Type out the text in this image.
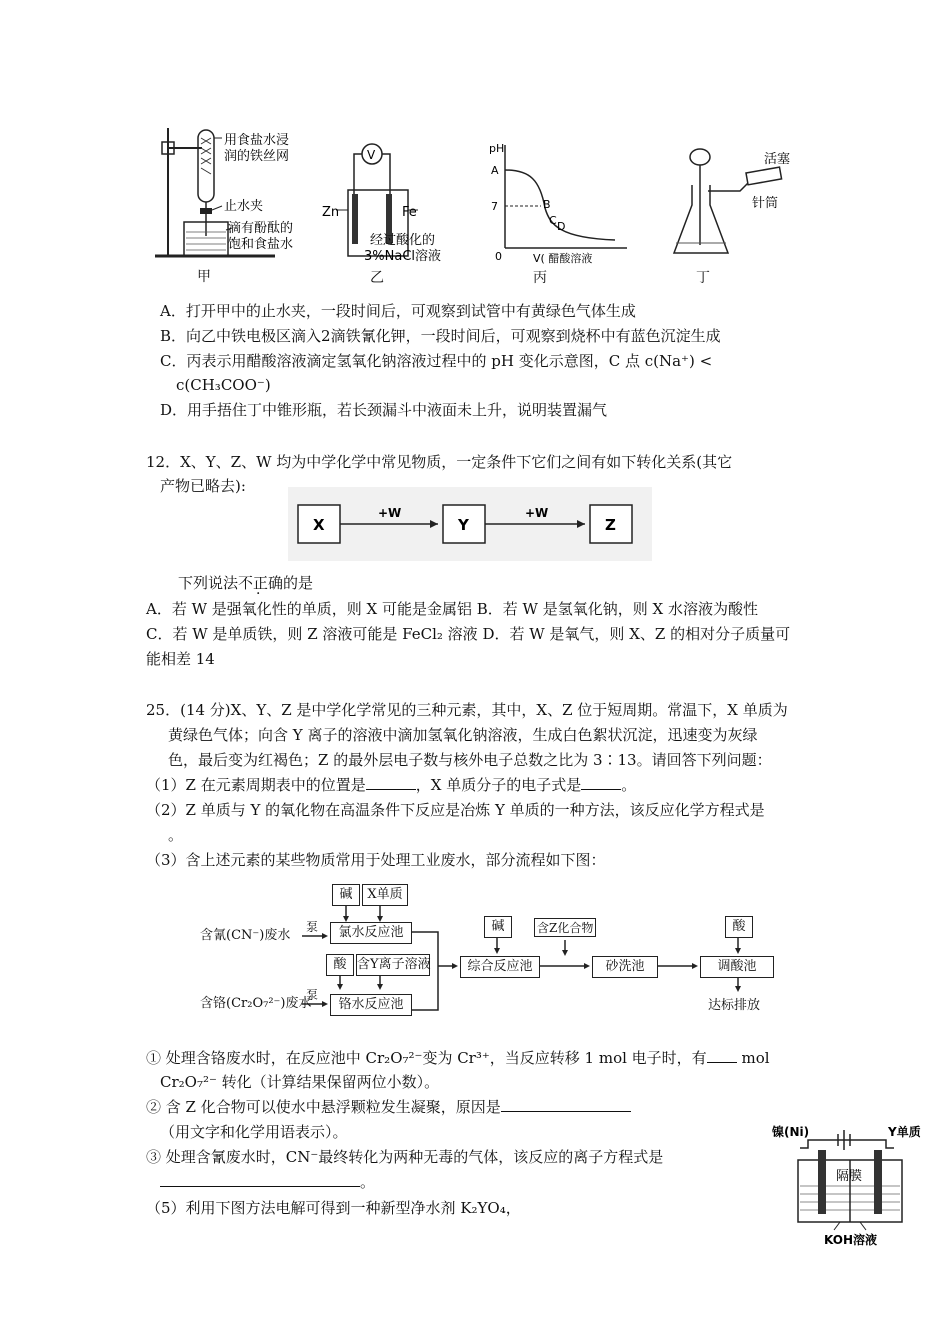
用食盐水浸
润的铁丝网
止水夹
滴有酚酞的
饱和食盐水
甲
V
Zn	Fe
经过酸化的
3%NaCl溶液
乙
pH
A
7	B
C D
0	V( 醋酸溶液
丙
活塞
针筒
丁
A．打开甲中的止水夹，一段时间后，可观察到试管中有黄绿色气体生成
B．向乙中铁电极区滴入2滴铁氰化钾，一段时间后，可观察到烧杯中有蓝色沉淀生成
C．丙表示用醋酸溶液滴定氢氧化钠溶液过程中的 pH 变化示意图，C 点 c(Na⁺) <
c(CH₃COO⁻)
D．用手捂住丁中锥形瓶，若长颈漏斗中液面未上升，说明装置漏气
12．X、Y、Z、W 均为中学化学中常见物质，一定条件下它们之间有如下转化关系(其它
产物已略去):
X	Y	Z
+W	+W
下列说法不正确的是
A．若 W 是强氧化性的单质，则 X 可能是金属铝 B．若 W 是氢氧化钠，则 X 水溶液为酸性
C．若 W 是单质铁，则 Z 溶液可能是 FeCl₂ 溶液 D．若 W 是氧气，则 X、Z 的相对分子质量可
能相差 14
25．(14 分)X、Y、Z 是中学化学常见的三种元素，其中，X、Z 位于短周期。常温下，X 单质为
黄绿色气体；向含 Y 离子的溶液中滴加氢氧化钠溶液，生成白色絮状沉淀，迅速变为灰绿
色，最后变为红褐色；Z 的最外层电子数与核外电子总数之比为 3∶13。请回答下列问题：
（1）Z 在元素周期表中的位置是	，X 单质分子的电子式是	。
（2）Z 单质与 Y 的氧化物在高温条件下反应是冶炼 Y 单质的一种方法，该反应化学方程式是
。
（3）含上述元素的某些物质常用于处理工业废水，部分流程如下图：
碱	X单质
含氰(CN⁻)废水
泵	氯水反应池
酸 含Y离子溶液
含铬(Cr₂O₇²⁻)废水
泵
铬水反应池
碱
综合反应池
含Z化合物
砂洗池
酸
调酸池
达标排放
① 处理含铬废水时，在反应池中 Cr₂O₇²⁻变为 Cr³⁺，当反应转移 1 mol 电子时，有 mol
Cr₂O₇²⁻ 转化（计算结果保留两位小数）。
② 含 Z 化合物可以使水中悬浮颗粒发生凝聚，原因是
（用文字和化学用语表示）。
③ 处理含氰废水时，CN⁻最终转化为两种无毒的气体，该反应的离子方程式是
。
（5）利用下图方法电解可得到一种新型净水剂 K₂YO₄，
镍(Ni)	Y单质
隔膜
KOH溶液
